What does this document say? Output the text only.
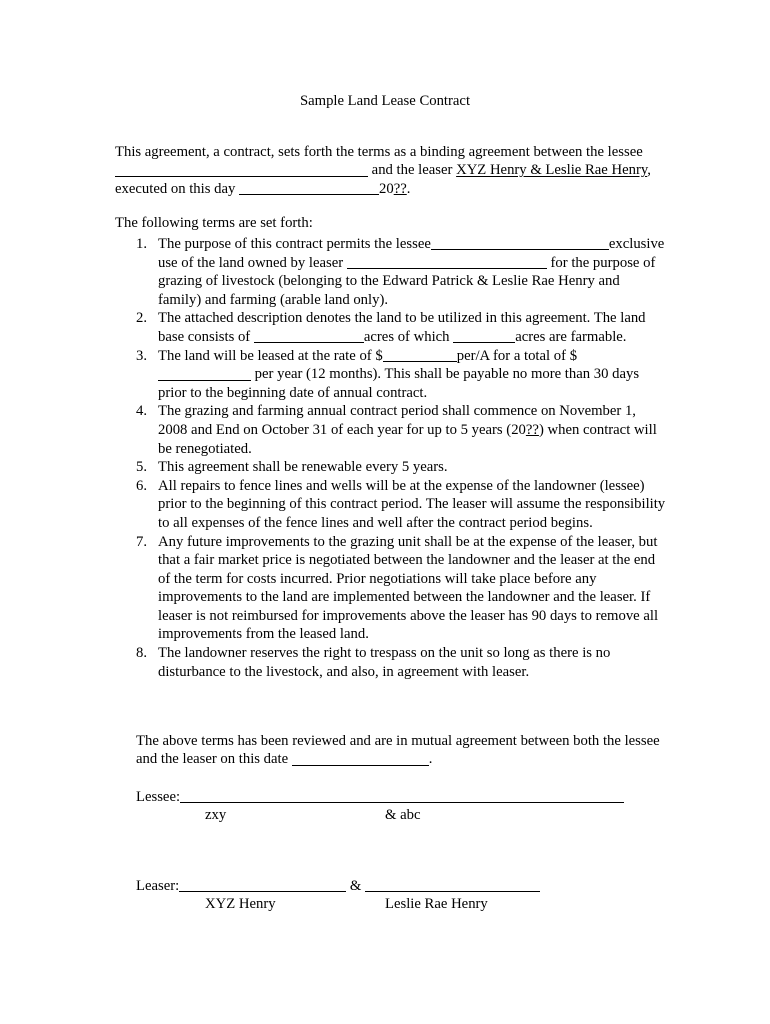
Sample Land Lease Contract

This agreement, a contract, sets forth the terms as a binding agreement between the lessee and the leaser XYZ Henry & Leslie Rae Henry, executed on this day	20??.

The following terms are set forth:

1. The purpose of this contract permits the lessee	exclusive use of the land owned by leaser	for the purpose of grazing of livestock (belonging to the Edward Patrick & Leslie Rae Henry and family) and farming (arable land only).
2. The attached description denotes the land to be utilized in this agreement. The land base consists of	acres of which	acres are farmable.
3. The land will be leased at the rate of $	per/A for a total of $ per year (12 months). This shall be payable no more than 30 days prior to the beginning date of annual contract.
4. The grazing and farming annual contract period shall commence on November 1, 2008 and End on October 31 of each year for up to 5 years (20??) when contract will be renegotiated.
5. This agreement shall be renewable every 5 years.
6. All repairs to fence lines and wells will be at the expense of the landowner (lessee) prior to the beginning of this contract period. The leaser will assume the responsibility to all expenses of the fence lines and well after the contract period begins.
7. Any future improvements to the grazing unit shall be at the expense of the leaser, but that a fair market price is negotiated between the landowner and the leaser at the end of the term for costs incurred. Prior negotiations will take place before any improvements to the land are implemented between the landowner and the leaser. If leaser is not reimbursed for improvements above the leaser has 90 days to remove all improvements from the leased land.
8. The landowner reserves the right to trespass on the unit so long as there is no disturbance to the livestock, and also, in agreement with leaser.

The above terms has been reviewed and are in mutual agreement between both the lessee and the leaser on this date	.

Lessee:
zxy	& abc
Leaser:	&
XYZ Henry	Leslie Rae Henry
